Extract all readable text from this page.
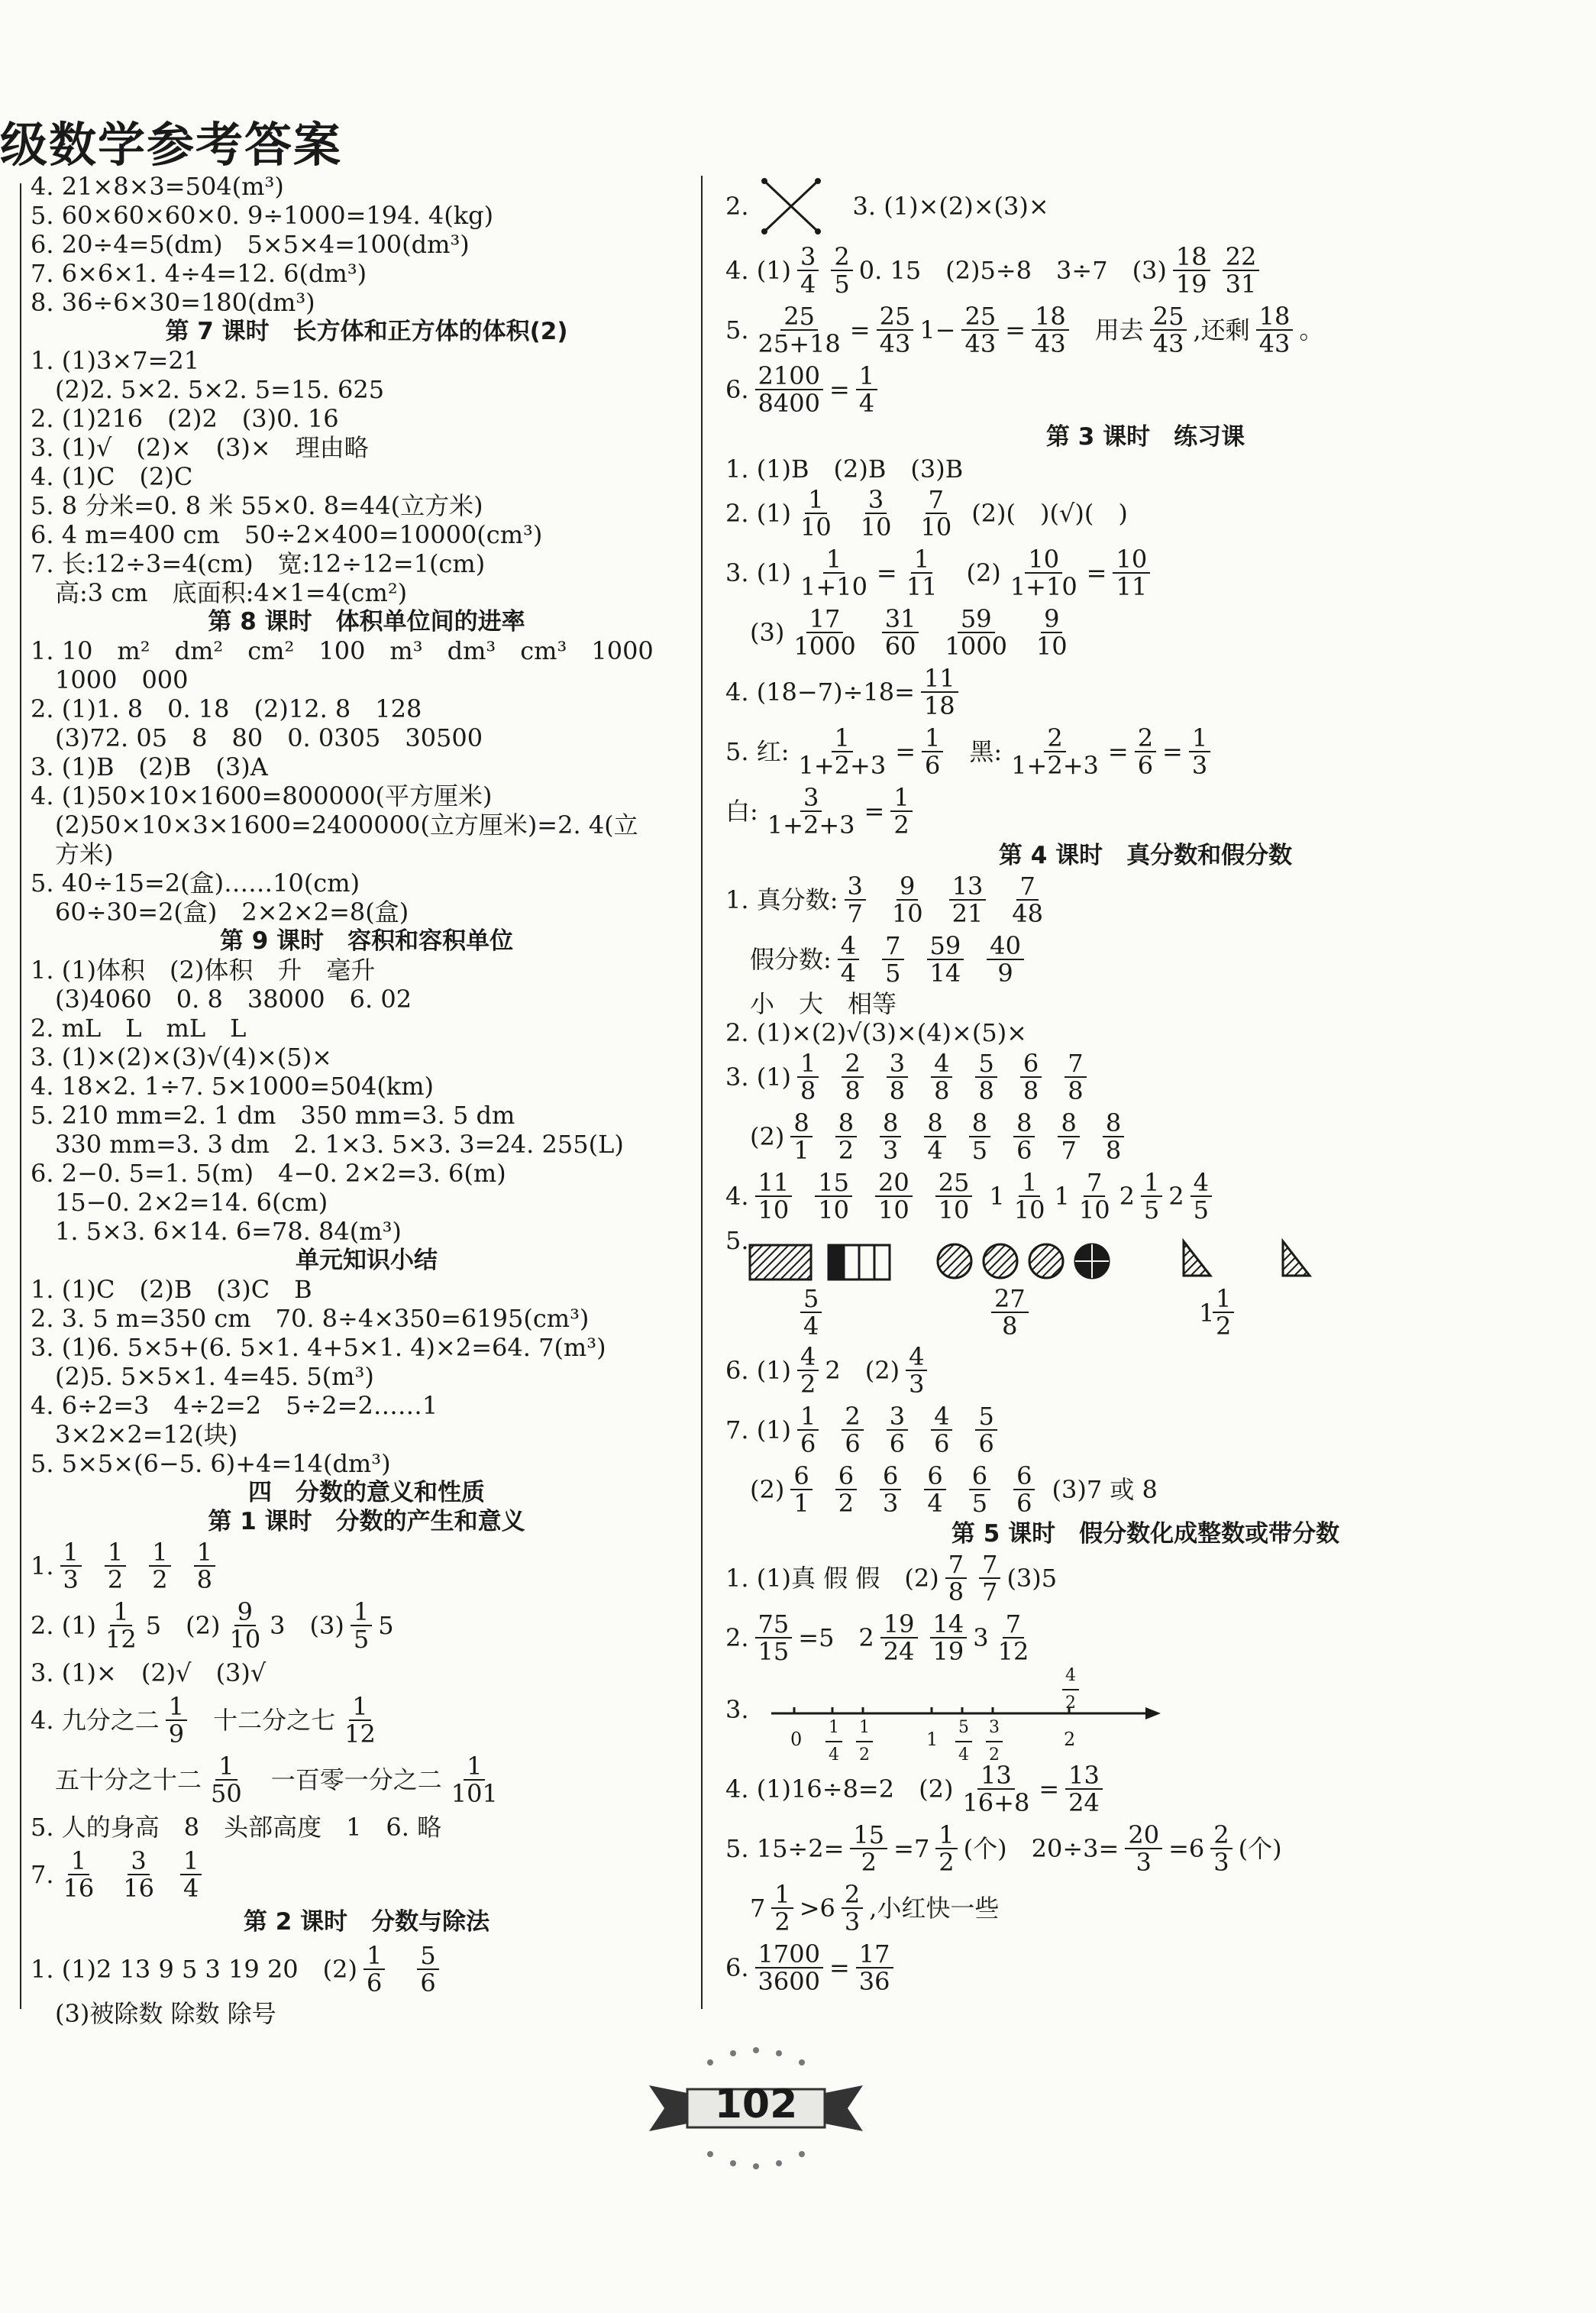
级数学参考答案
4. 21×8×3=504(m³)
5. 60×60×60×0. 9÷1000=194. 4(kg)
6. 20÷4=5(dm)　5×5×4=100(dm³)
7. 6×6×1. 4÷4=12. 6(dm³)
8. 36÷6×30=180(dm³)
第 7 课时　长方体和正方体的体积(2)
1. (1)3×7=21
(2)2. 5×2. 5×2. 5=15. 625
2. (1)216　(2)2　(3)0. 16
3. (1)√　(2)×　(3)×　理由略
4. (1)C　(2)C
5. 8 分米=0. 8 米 55×0. 8=44(立方米)
6. 4 m=400 cm　50÷2×400=10000(cm³)
7. 长:12÷3=4(cm)　宽:12÷12=1(cm)
高:3 cm　底面积:4×1=4(cm²)
第 8 课时　体积单位间的进率
1. 10　m²　dm²　cm²　100　m³　dm³　cm³　1000
1000　000
2. (1)1. 8　0. 18　(2)12. 8　128
(3)72. 05　8　80　0. 0305　30500
3. (1)B　(2)B　(3)A
4. (1)50×10×1600=800000(平方厘米)
(2)50×10×3×1600=2400000(立方厘米)=2. 4(立
方米)
5. 40÷15=2(盒)……10(cm)
60÷30=2(盒)　2×2×2=8(盒)
第 9 课时　容积和容积单位
1. (1)体积　(2)体积　升　毫升
(3)4060　0. 8　38000　6. 02
2. mL　L　mL　L
3. (1)×(2)×(3)√(4)×(5)×
4. 18×2. 1÷7. 5×1000=504(km)
5. 210 mm=2. 1 dm　350 mm=3. 5 dm
330 mm=3. 3 dm　2. 1×3. 5×3. 3=24. 255(L)
6. 2−0. 5=1. 5(m)　4−0. 2×2=3. 6(m)
15−0. 2×2=14. 6(cm)
1. 5×3. 6×14. 6=78. 84(m³)
单元知识小结
1. (1)C　(2)B　(3)C　B
2. 3. 5 m=350 cm　70. 8÷4×350=6195(cm³)
3. (1)6. 5×5+(6. 5×1. 4+5×1. 4)×2=64. 7(m³)
(2)5. 5×5×1. 4=45. 5(m³)
4. 6÷2=3　4÷2=2　5÷2=2……1
3×2×2=12(块)
5. 5×5×(6−5. 6)+4=14(dm³)
四　分数的意义和性质
第 1 课时　分数的产生和意义
1. $\frac{1}{3} \frac{1}{2} \frac{1}{2} \frac{1}{8}$
2. $(1) \frac{1}{12} 5$　$(2) \frac{9}{10} 3$　$(3) \frac{1}{5} 5$
3. (1)×　(2)√　(3)√
4. 九分之二 $\frac{1}{9}$ 十二分之七 $\frac{1}{12}$
五十分之十二 $\frac{1}{50}$ 一百零一分之二 $\frac{1}{101}$
5. 人的身高　8　头部高度　1　6. 略
7. $\frac{1}{16} \frac{3}{16} \frac{1}{4}$
第 2 课时　分数与除法
1. (1)2 13 9 5 3 19 20　$(2) \frac{1}{6} \frac{5}{6}$
(3)被除数 除数 除号
2.	3. (1)×(2)×(3)×
4. $(1) \frac{3}{4} \frac{2}{5} 0$. 15　(2)5÷8　3÷7　$(3) \frac{18}{19} \frac{22}{31}$
5. $\frac{25}{25+18} = \frac{25}{43} 1- \frac{25}{43} = \frac{18}{43}$ 用去 $\frac{25}{43}$ ,还剩 $\frac{18}{43}$ 。
6. $\frac{2100}{8400} = \frac{1}{4}$
第 3 课时　练习课
1. (1)B　(2)B　(3)B
2. $(1) \frac{1}{10} \frac{3}{10} \frac{7}{10} (2)$(　)(√)(　)
3. $(1) \frac{1}{1+10} = \frac{1}{11} (2) \frac{10}{1+10} = \frac{10}{11}$
$(3) \frac{17}{1000} \frac{31}{60} \frac{59}{1000} \frac{9}{10}$
4. $(18-7)\div 18= \frac{11}{18}$
5. 红: $\frac{1}{1+2+3} = \frac{1}{6}$ 黑: $\frac{2}{1+2+3} = \frac{2}{6} = \frac{1}{3}$
白: $\frac{3}{1+2+3} = \frac{1}{2}$
第 4 课时　真分数和假分数
1. 真分数: $\frac{3}{7} \frac{9}{10} \frac{13}{21} \frac{7}{48}$
假分数: $\frac{4}{4} \frac{7}{5} \frac{59}{14} \frac{40}{9}$
小　大　相等
2. (1)×(2)√(3)×(4)×(5)×
3. $(1) \frac{1}{8} \frac{2}{8} \frac{3}{8} \frac{4}{8} \frac{5}{8} \frac{6}{8} \frac{7}{8}$
$(2) \frac{8}{1} \frac{8}{2} \frac{8}{3} \frac{8}{4} \frac{8}{5} \frac{8}{6} \frac{8}{7} \frac{8}{8}$
4. $\frac{11}{10} \frac{15}{10} \frac{20}{10} \frac{25}{10} 1 \frac{1}{10} 1 \frac{7}{10} 2 \frac{1}{5} 2 \frac{4}{5}$
5.
$\frac{5}{4}$	$\frac{27}{8}$	1
$\frac{1}{2}$
6. $(1) \frac{4}{2} 2$　$(2) \frac{4}{3}$
7. $(1) \frac{1}{6} \frac{2}{6} \frac{3}{6} \frac{4}{6} \frac{5}{6}$
$(2) \frac{6}{1} \frac{6}{2} \frac{6}{3} \frac{6}{4} \frac{6}{5} \frac{6}{6} (3)7$ 或 8
第 5 课时　假分数化成整数或带分数
1. (1)真 假 假　$(2) \frac{7}{8} \frac{7}{7} (3)5$
2. $\frac{75}{15} =5$　$2 \frac{19}{24} \frac{14}{19} 3 \frac{7}{12}$
3.
0	1	2
$\frac{1}{4} \frac{1}{2}$	$\frac{5}{4} \frac{3}{2}$
$\frac{4}{2}$
4. (1)16÷8=2　$(2) \frac{13}{16+8} = \frac{13}{24}$
5. $15\div 2= \frac{15}{2} =7 \frac{1}{2}$ (个)　$20\div 3= \frac{20}{3} =6 \frac{2}{3}$ (个)
$7 \frac{1}{2} >6 \frac{2}{3}$ ,小红快一些
6. $\frac{1700}{3600} = \frac{17}{36}$
102
